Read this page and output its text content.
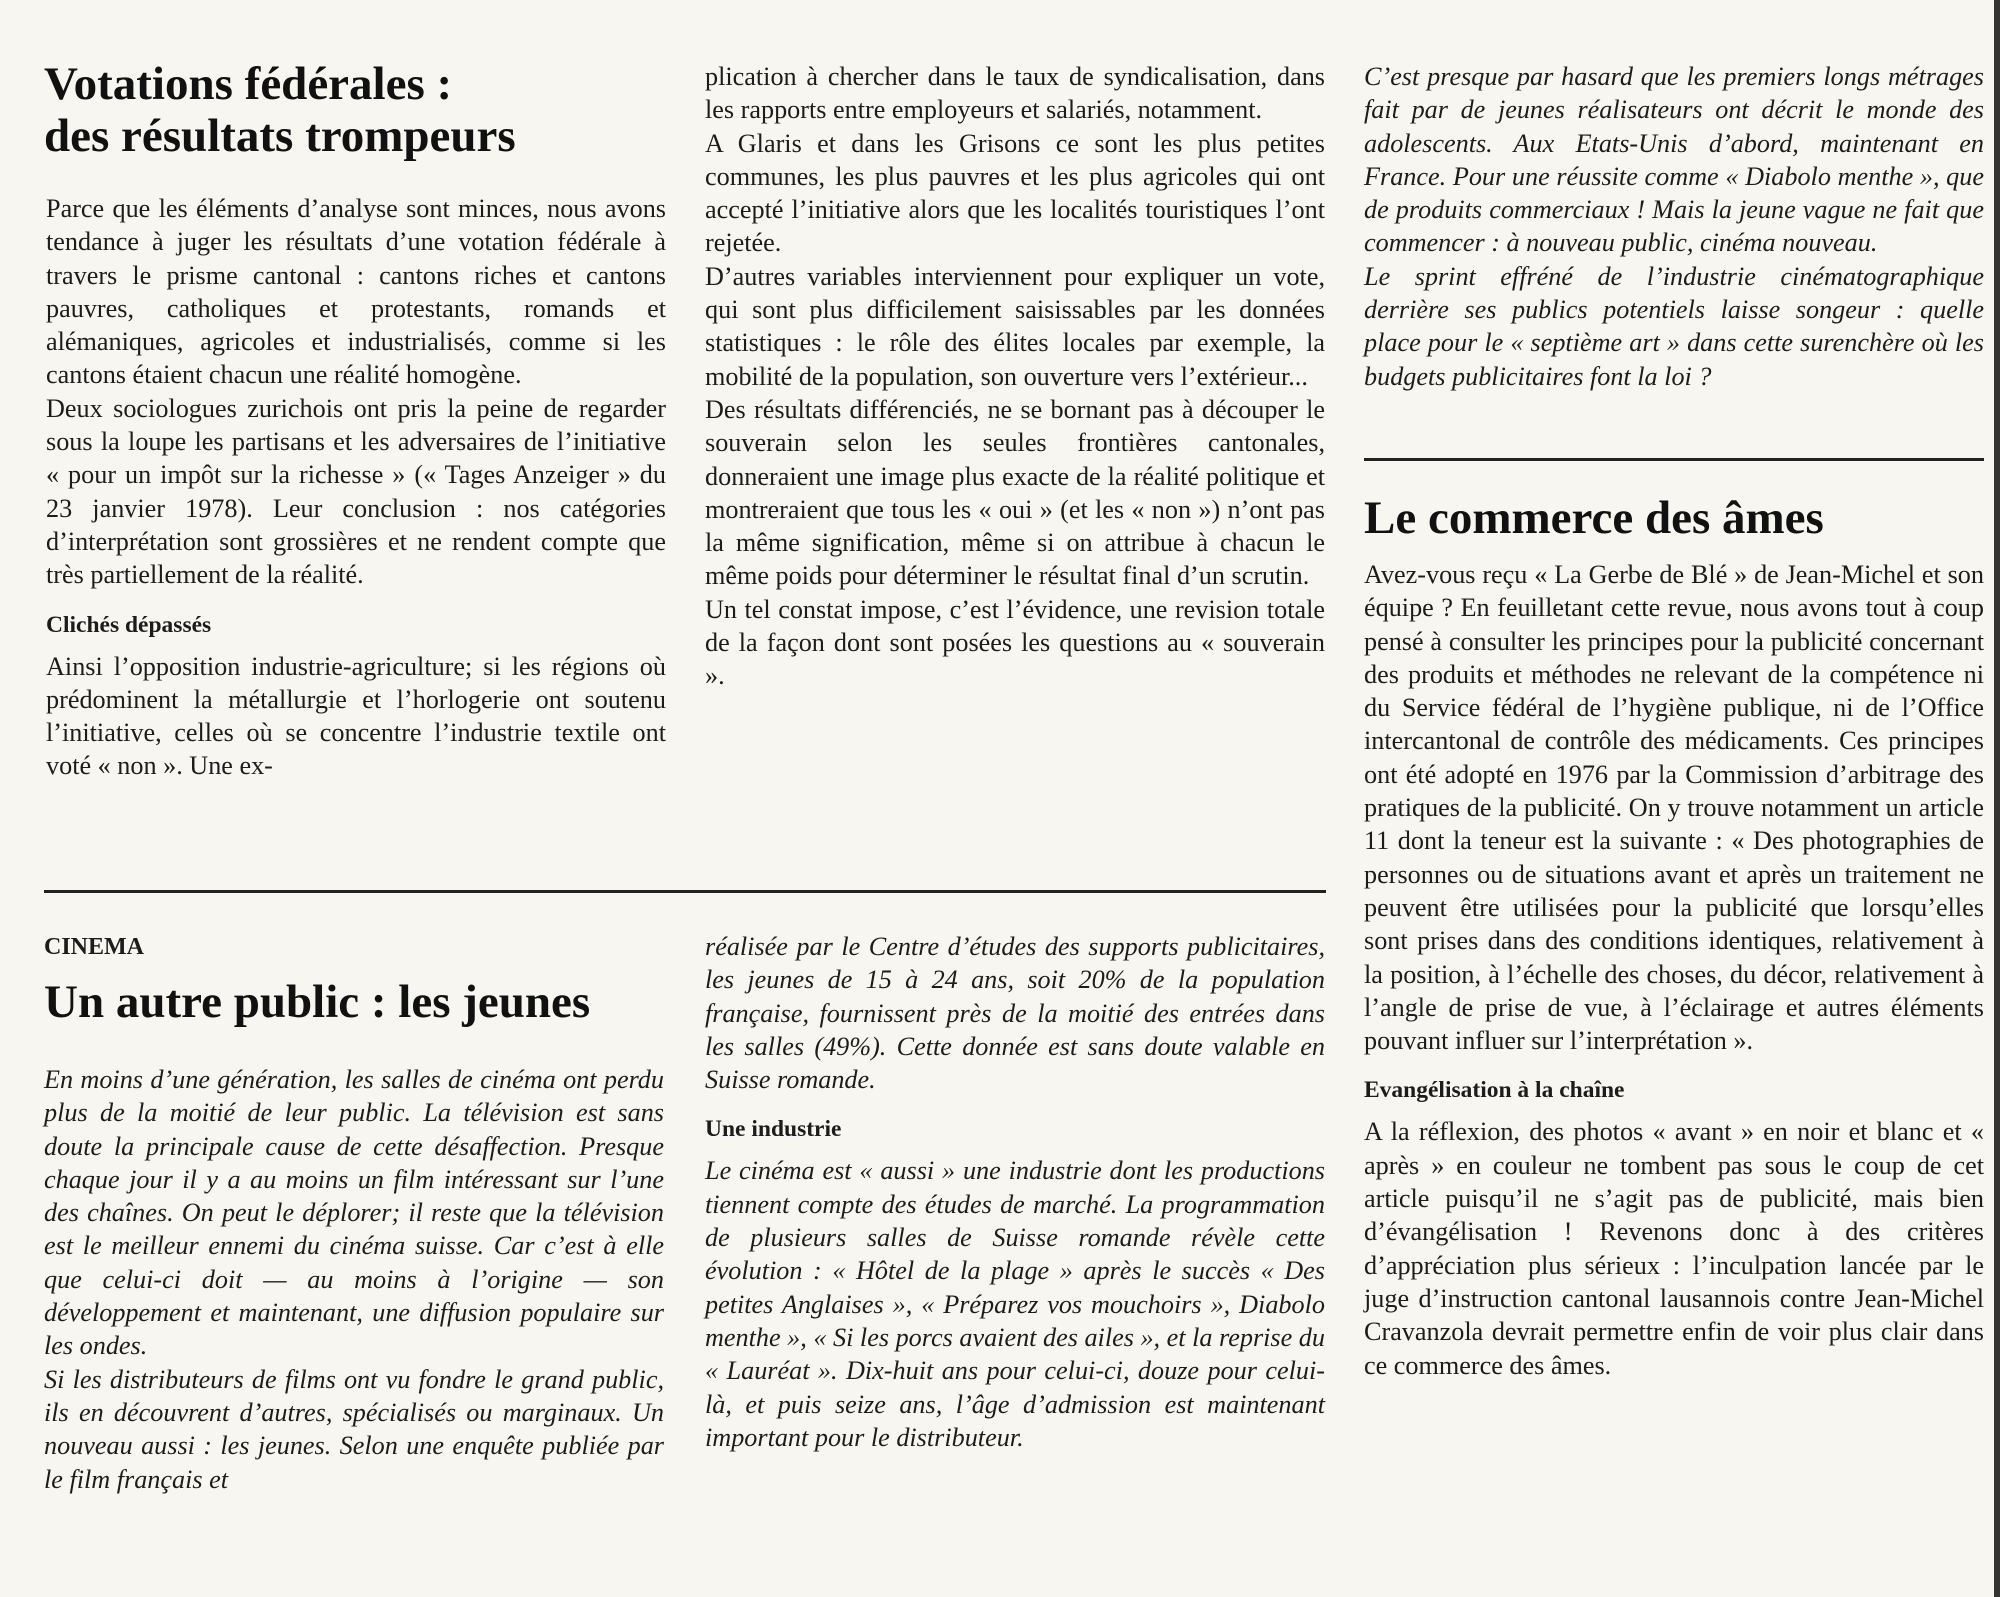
Votations fédérales :
des résultats trompeurs

Parce que les éléments d’analyse sont minces, nous avons tendance à juger les résultats d’une votation fédérale à travers le prisme cantonal : cantons riches et cantons pauvres, catholiques et protestants, romands et alémaniques, agricoles et industrialisés, comme si les cantons étaient chacun une réalité homogène.

Deux sociologues zurichois ont pris la peine de regarder sous la loupe les partisans et les adversaires de l’initiative « pour un impôt sur la richesse » (« Tages Anzeiger » du 23 janvier 1978). Leur conclusion : nos catégories d’interprétation sont grossières et ne rendent compte que très partiellement de la réalité.

Clichés dépassés

Ainsi l’opposition industrie-agriculture; si les régions où prédominent la métallurgie et l’horlogerie ont soutenu l’initiative, celles où se concentre l’industrie textile ont voté « non ». Une ex-

plication à chercher dans le taux de syndicalisation, dans les rapports entre employeurs et salariés, notamment.

A Glaris et dans les Grisons ce sont les plus petites communes, les plus pauvres et les plus agricoles qui ont accepté l’initiative alors que les localités touristiques l’ont rejetée.

D’autres variables interviennent pour expliquer un vote, qui sont plus difficilement saisissables par les données statistiques : le rôle des élites locales par exemple, la mobilité de la population, son ouverture vers l’extérieur...

Des résultats différenciés, ne se bornant pas à découper le souverain selon les seules frontières cantonales, donneraient une image plus exacte de la réalité politique et montreraient que tous les « oui » (et les « non ») n’ont pas la même signification, même si on attribue à chacun le même poids pour déterminer le résultat final d’un scrutin.

Un tel constat impose, c’est l’évidence, une revision totale de la façon dont sont posées les questions au « souverain ».

CINEMA

Un autre public : les jeunes

En moins d’une génération, les salles de cinéma ont perdu plus de la moitié de leur public. La télévision est sans doute la principale cause de cette désaffection. Presque chaque jour il y a au moins un film intéressant sur l’une des chaînes. On peut le déplorer; il reste que la télévision est le meilleur ennemi du cinéma suisse. Car c’est à elle que celui-ci doit — au moins à l’origine — son développement et maintenant, une diffusion populaire sur les ondes.

Si les distributeurs de films ont vu fondre le grand public, ils en découvrent d’autres, spécialisés ou marginaux. Un nouveau aussi : les jeunes. Selon une enquête publiée par le film français et

réalisée par le Centre d’études des supports publicitaires, les jeunes de 15 à 24 ans, soit 20% de la population française, fournissent près de la moitié des entrées dans les salles (49%). Cette donnée est sans doute valable en Suisse romande.

Une industrie

Le cinéma est « aussi » une industrie dont les productions tiennent compte des études de marché. La programmation de plusieurs salles de Suisse romande révèle cette évolution : « Hôtel de la plage » après le succès « Des petites Anglaises », « Préparez vos mouchoirs », Diabolo menthe », « Si les porcs avaient des ailes », et la reprise du « Lauréat ». Dix-huit ans pour celui-ci, douze pour celui-là, et puis seize ans, l’âge d’admission est maintenant important pour le distributeur.

C’est presque par hasard que les premiers longs métrages fait par de jeunes réalisateurs ont décrit le monde des adolescents. Aux Etats-Unis d’abord, maintenant en France. Pour une réussite comme « Diabolo menthe », que de produits commerciaux ! Mais la jeune vague ne fait que commencer : à nouveau public, cinéma nouveau.

Le sprint effréné de l’industrie cinématographique derrière ses publics potentiels laisse songeur : quelle place pour le « septième art » dans cette surenchère où les budgets publicitaires font la loi ?

Le commerce des âmes

Avez-vous reçu « La Gerbe de Blé » de Jean-Michel et son équipe ? En feuilletant cette revue, nous avons tout à coup pensé à consulter les principes pour la publicité concernant des produits et méthodes ne relevant de la compétence ni du Service fédéral de l’hygiène publique, ni de l’Office intercantonal de contrôle des médicaments. Ces principes ont été adopté en 1976 par la Commission d’arbitrage des pratiques de la publicité. On y trouve notamment un article 11 dont la teneur est la suivante : « Des photographies de personnes ou de situations avant et après un traitement ne peuvent être utilisées pour la publicité que lorsqu’elles sont prises dans des conditions identiques, relativement à la position, à l’échelle des choses, du décor, relativement à l’angle de prise de vue, à l’éclairage et autres éléments pouvant influer sur l’interprétation ».

Evangélisation à la chaîne

A la réflexion, des photos « avant » en noir et blanc et « après » en couleur ne tombent pas sous le coup de cet article puisqu’il ne s’agit pas de publicité, mais bien d’évangélisation ! Revenons donc à des critères d’appréciation plus sérieux : l’inculpation lancée par le juge d’instruction cantonal lausannois contre Jean-Michel Cravanzola devrait permettre enfin de voir plus clair dans ce commerce des âmes.
